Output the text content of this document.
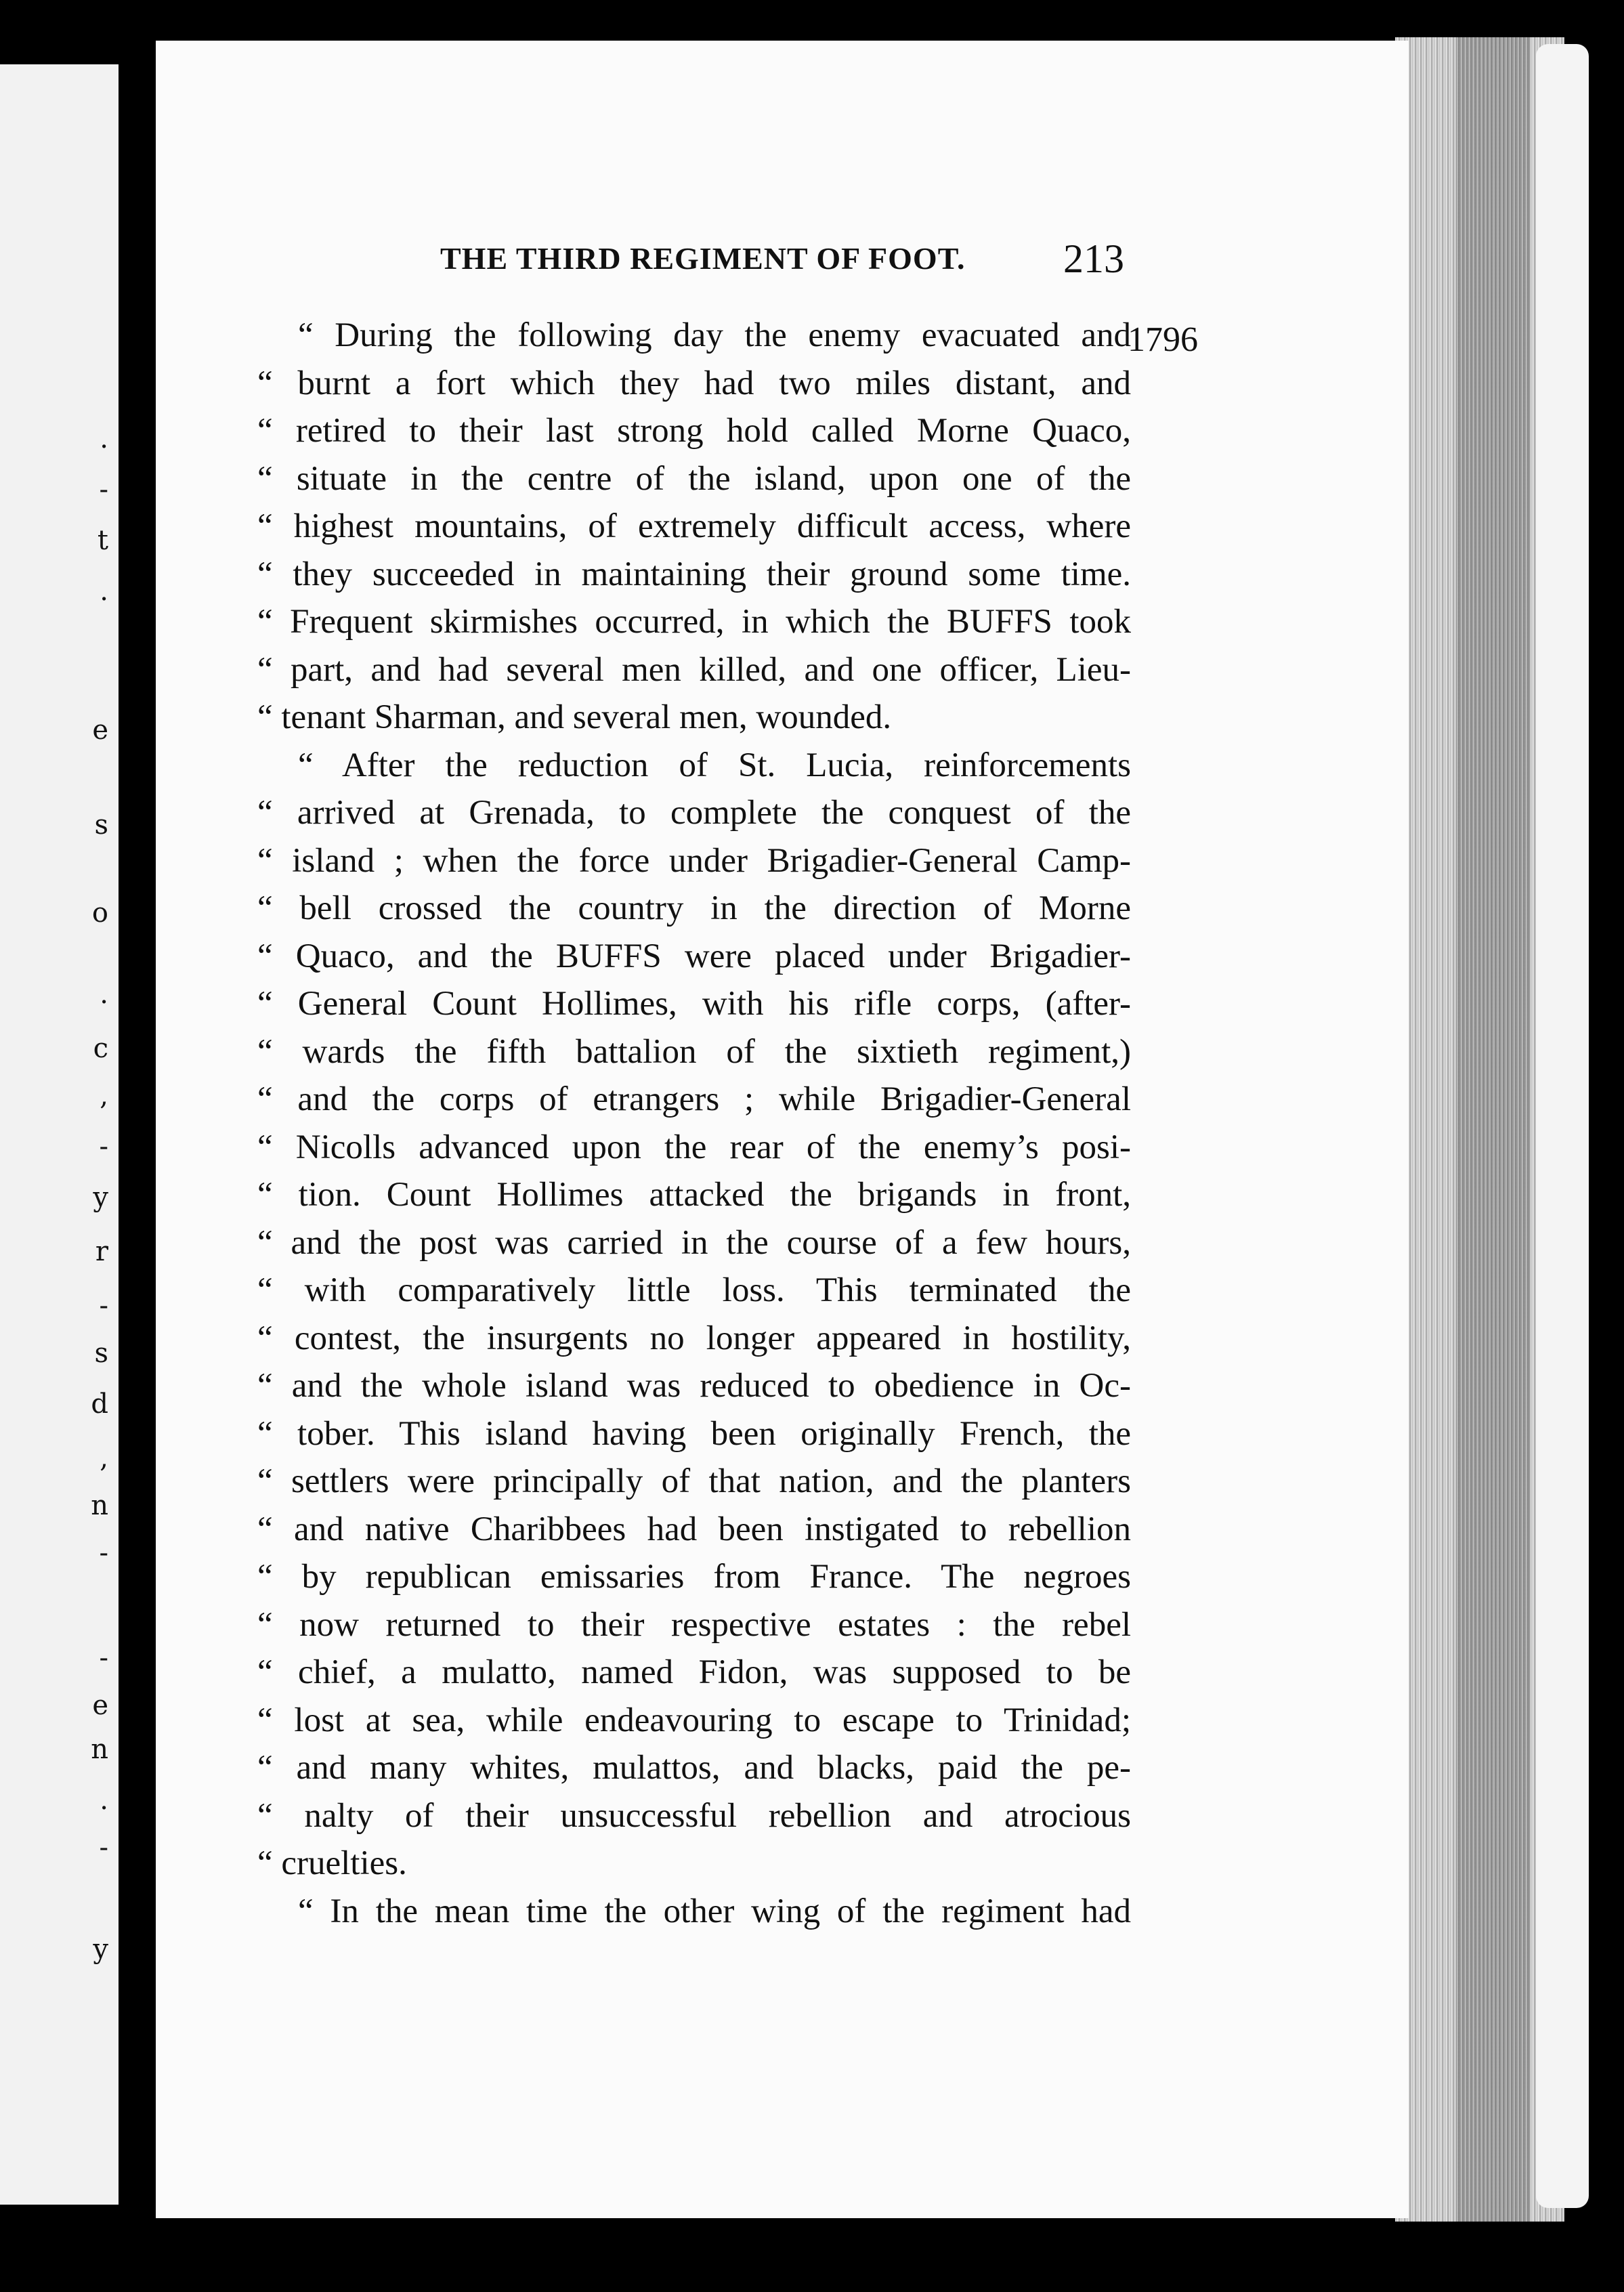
.
-
t
.
e
s
o
.
c
,
-
y
r
-
s
d
,
n
-
-
e
n
.
-
y
THE THIRD REGIMENT OF FOOT. 213
1796
“ During the following day the enemy evacuated and
“ burnt a fort which they had two miles distant, and
“ retired to their last strong hold called Morne Quaco,
“ situate in the centre of the island, upon one of the
“ highest mountains, of extremely difficult access, where
“ they succeeded in maintaining their ground some time.
“ Frequent skirmishes occurred, in which the BUFFS took
“ part, and had several men killed, and one officer, Lieu-
“ tenant Sharman, and several men, wounded.
“ After the reduction of St. Lucia, reinforcements
“ arrived at Grenada, to complete the conquest of the
“ island ; when the force under Brigadier-General Camp-
“ bell crossed the country in the direction of Morne
“ Quaco, and the BUFFS were placed under Brigadier-
“ General Count Hollimes, with his rifle corps, (after-
“ wards the fifth battalion of the sixtieth regiment,)
“ and the corps of etrangers ; while Brigadier-General
“ Nicolls advanced upon the rear of the enemy’s posi-
“ tion. Count Hollimes attacked the brigands in front,
“ and the post was carried in the course of a few hours,
“ with comparatively little loss. This terminated the
“ contest, the insurgents no longer appeared in hostility,
“ and the whole island was reduced to obedience in Oc-
“ tober. This island having been originally French, the
“ settlers were principally of that nation, and the planters
“ and native Charibbees had been instigated to rebellion
“ by republican emissaries from France. The negroes
“ now returned to their respective estates : the rebel
“ chief, a mulatto, named Fidon, was supposed to be
“ lost at sea, while endeavouring to escape to Trinidad;
“ and many whites, mulattos, and blacks, paid the pe-
“ nalty of their unsuccessful rebellion and atrocious
“ cruelties.
“ In the mean time the other wing of the regiment had
